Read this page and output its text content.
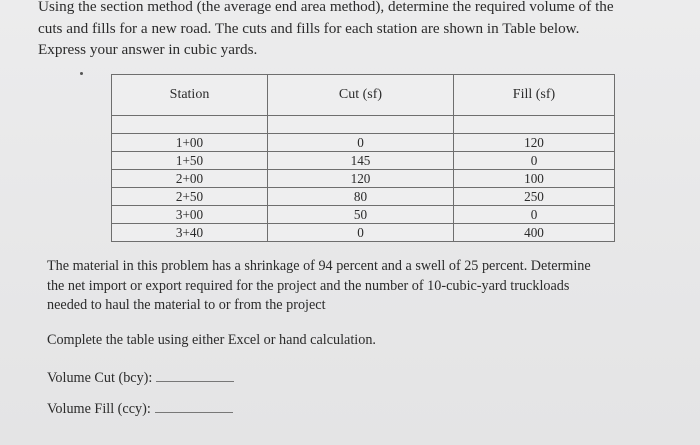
Using the section method (the average end area method), determine the required volume of the

cuts and fills for a new road. The cuts and fills for each station are shown in Table below.

Express your answer in cubic yards.

Station	Cut (sf)	Fill (sf)

1+00	0	120
1+50	145	0
2+00	120	100
2+50	80	250
3+00	50	0
3+40	0	400

The material in this problem has a shrinkage of 94 percent and a swell of 25 percent. Determine

the net import or export required for the project and the number of 10-cubic-yard truckloads

needed to haul the material to or from the project

Complete the table using either Excel or hand calculation.
Volume Cut (bcy):
Volume Fill (ccy):
